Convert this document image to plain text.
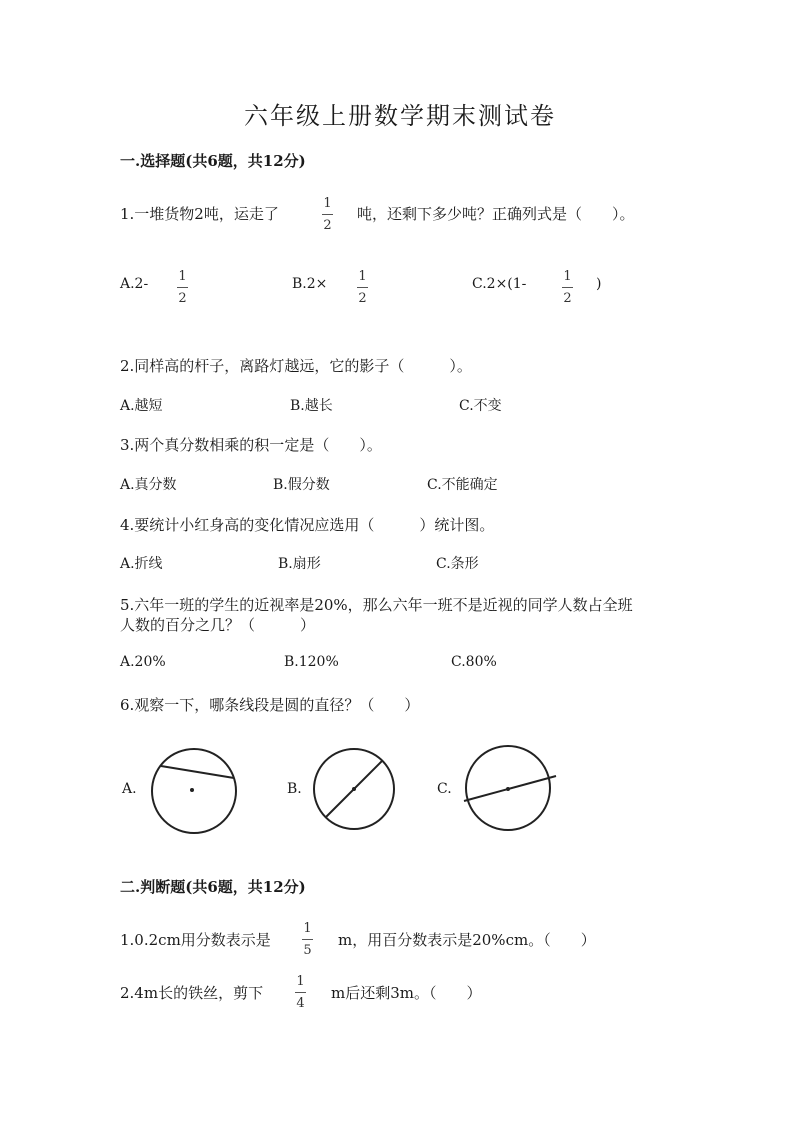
六年级上册数学期末测试卷
一.选择题(共6题，共12分)
1.一堆货物2吨，运走了
1
2
吨，还剩下多少吨？正确列式是（　　）。
A.2- 1
2
B.2× 1
2
C.2×(1-	1
2
)
2.同样高的杆子，离路灯越远，它的影子（　　　）。
A.越短	B.越长	C.不变
3.两个真分数相乘的积一定是（　　）。
A.真分数	B.假分数	C.不能确定
4.要统计小红身高的变化情况应选用（　　　）统计图。
A.折线	B.扇形	C.条形
5.六年一班的学生的近视率是20%，那么六年一班不是近视的同学人数占全班
人数的百分之几？（　　　）
A.20%	B.120%	C.80%
6.观察一下，哪条线段是圆的直径？（　　）
A.	B.	C.
二.判断题(共6题，共12分)
1.0.2cm用分数表示是
1
5
m，用百分数表示是20%cm。（　　）
2.4m长的铁丝，剪下
1
4
m后还剩3m。（　　）
